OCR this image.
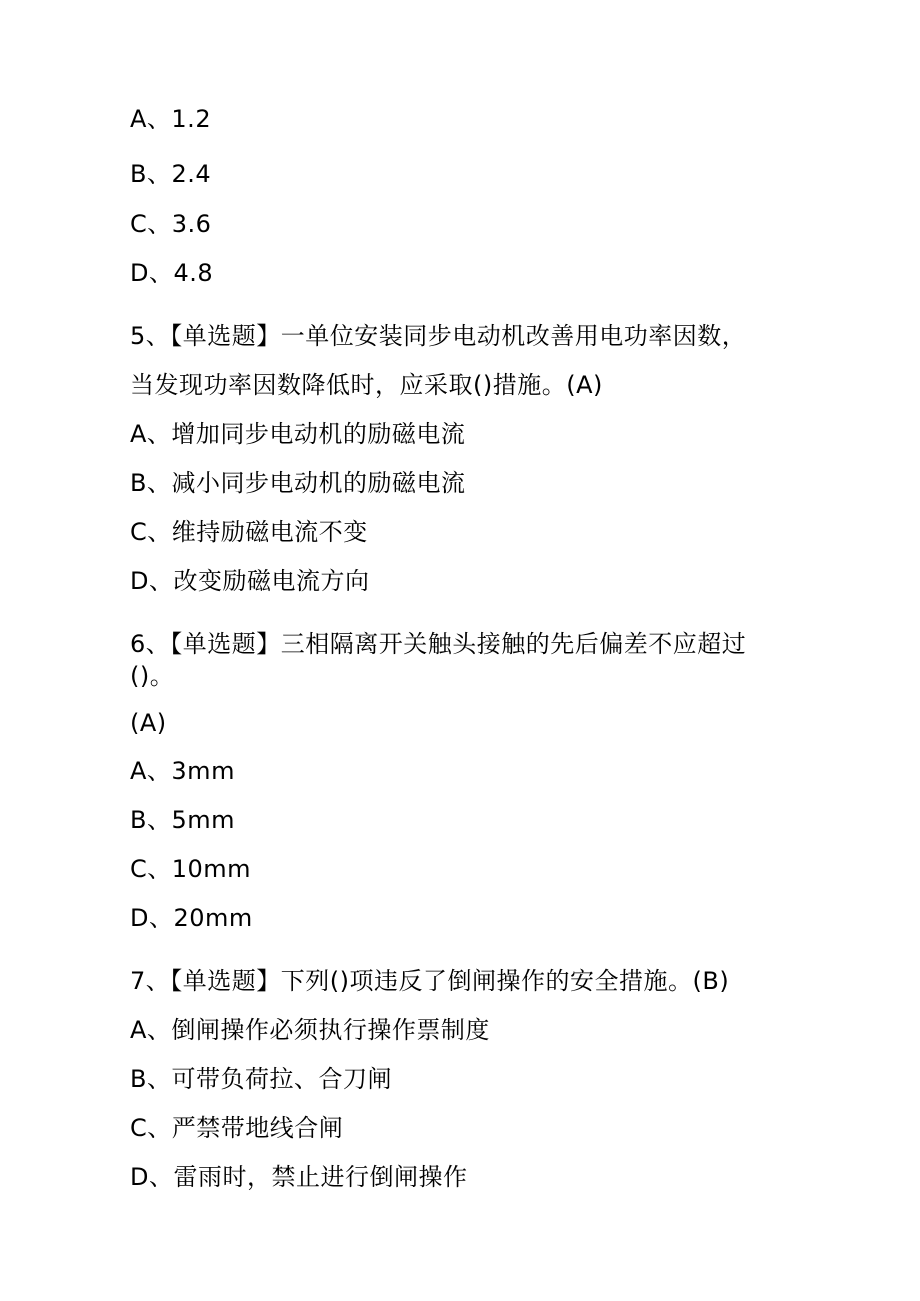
A、1.2
B、2.4
C、3.6
D、4.8
5、【单选题】一单位安装同步电动机改善用电功率因数，
当发现功率因数降低时，应采取()措施。(A)
A、增加同步电动机的励磁电流
B、减小同步电动机的励磁电流
C、维持励磁电流不变
D、改变励磁电流方向
6、【单选题】三相隔离开关触头接触的先后偏差不应超过
()。
(A)
A、3mm
B、5mm
C、10mm
D、20mm
7、【单选题】下列()项违反了倒闸操作的安全措施。(B)
A、倒闸操作必须执行操作票制度
B、可带负荷拉、合刀闸
C、严禁带地线合闸
D、雷雨时，禁止进行倒闸操作
